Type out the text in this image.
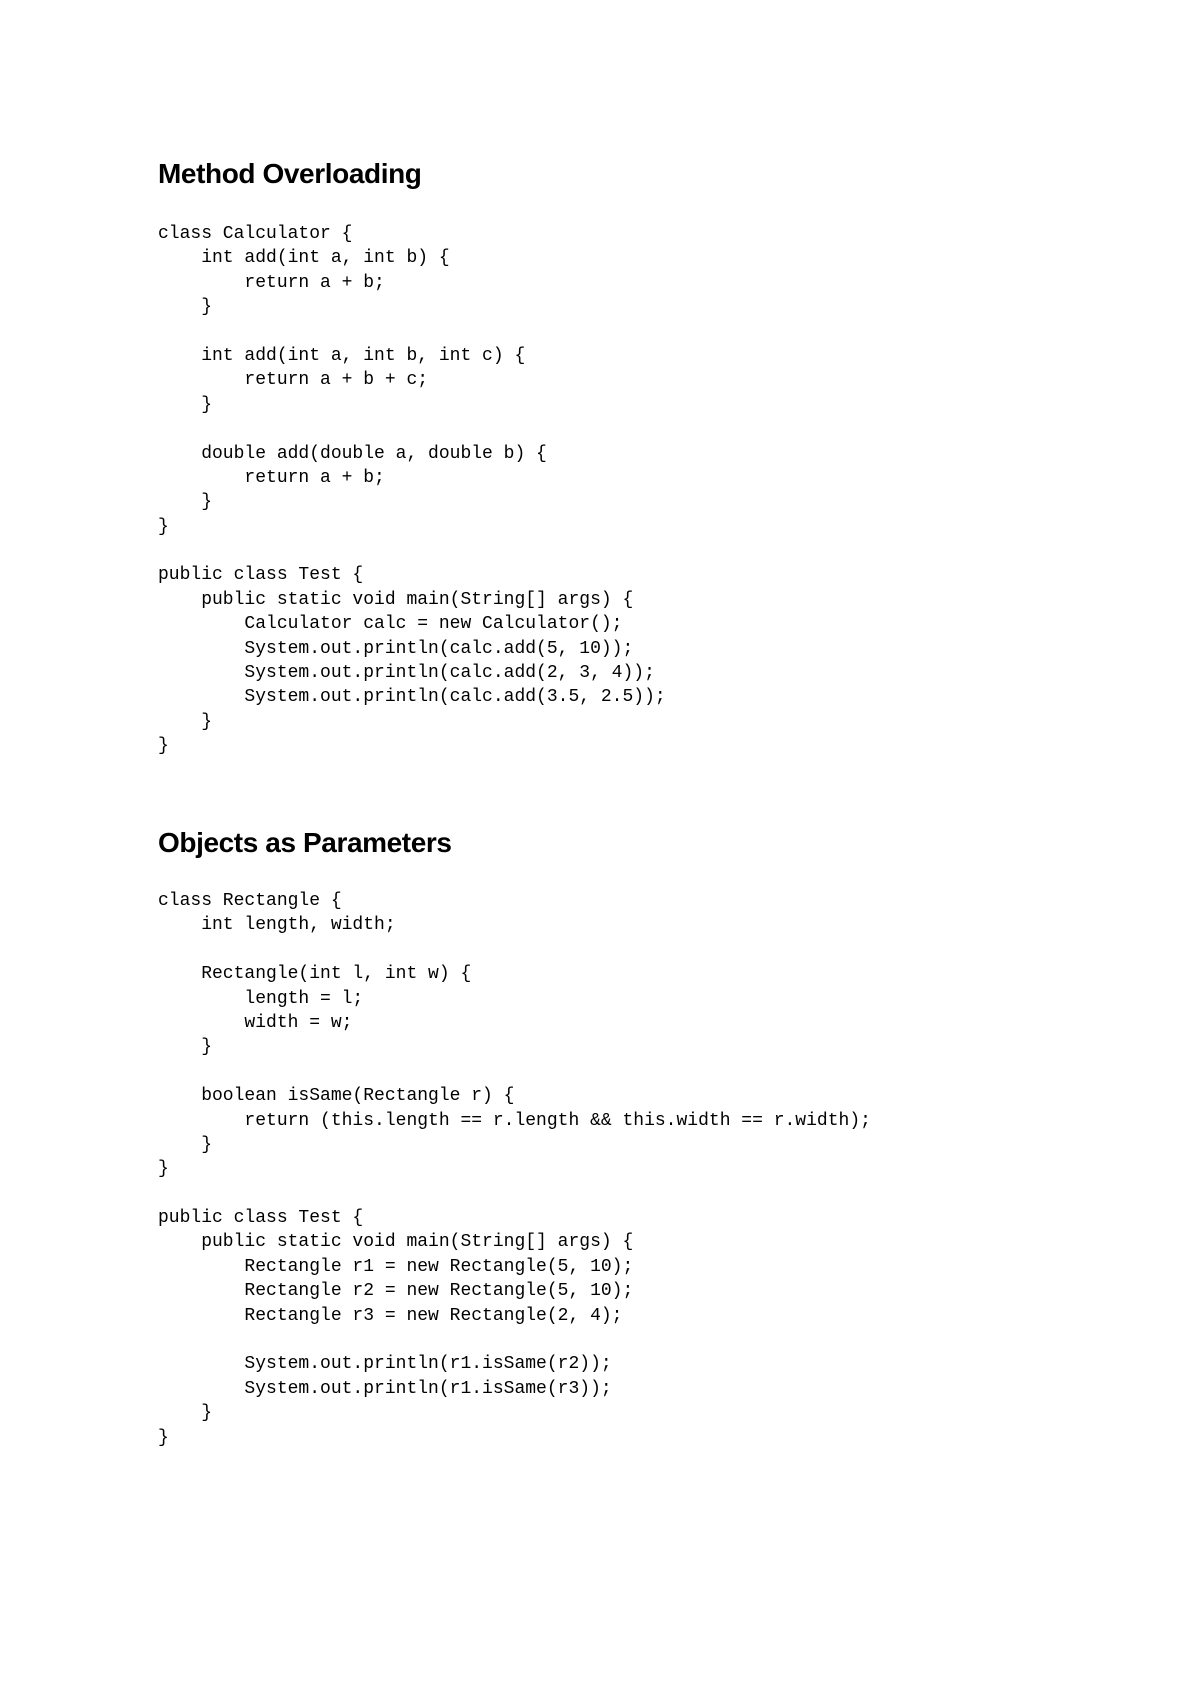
Method Overloading
class Calculator {
int add(int a, int b) {
return a + b;
}
int add(int a, int b, int c) {
return a + b + c;
}
double add(double a, double b) {
return a + b;
}
}
public class Test {
public static void main(String[] args) {
Calculator calc = new Calculator();
System.out.println(calc.add(5, 10));
System.out.println(calc.add(2, 3, 4));
System.out.println(calc.add(3.5, 2.5));
}
}
Objects as Parameters
class Rectangle {
int length, width;
Rectangle(int l, int w) {
length = l;
width = w;
}
boolean isSame(Rectangle r) {
return (this.length == r.length && this.width == r.width);
}
}
public class Test {
public static void main(String[] args) {
Rectangle r1 = new Rectangle(5, 10);
Rectangle r2 = new Rectangle(5, 10);
Rectangle r3 = new Rectangle(2, 4);
System.out.println(r1.isSame(r2));
System.out.println(r1.isSame(r3));
}
}
